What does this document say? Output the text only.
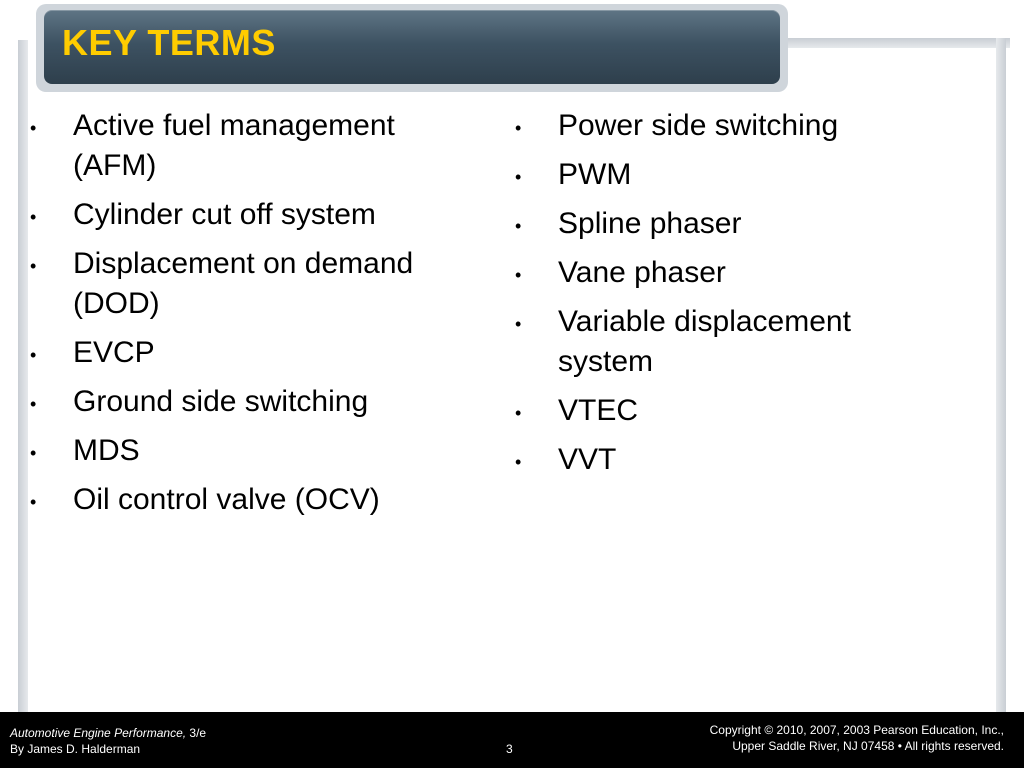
KEY TERMS
• Active fuel management (AFM)
• Cylinder cut off system
• Displacement on demand (DOD)
• EVCP
• Ground side switching
• MDS
• Oil control valve (OCV)
• Power side switching
• PWM
• Spline phaser
• Vane phaser
• Variable displacement system
• VTEC
• VVT
Automotive Engine Performance, 3/e
By James D. Halderman	3
Copyright © 2010, 2007, 2003 Pearson Education, Inc.,
Upper Saddle River, NJ 07458 • All rights reserved.
